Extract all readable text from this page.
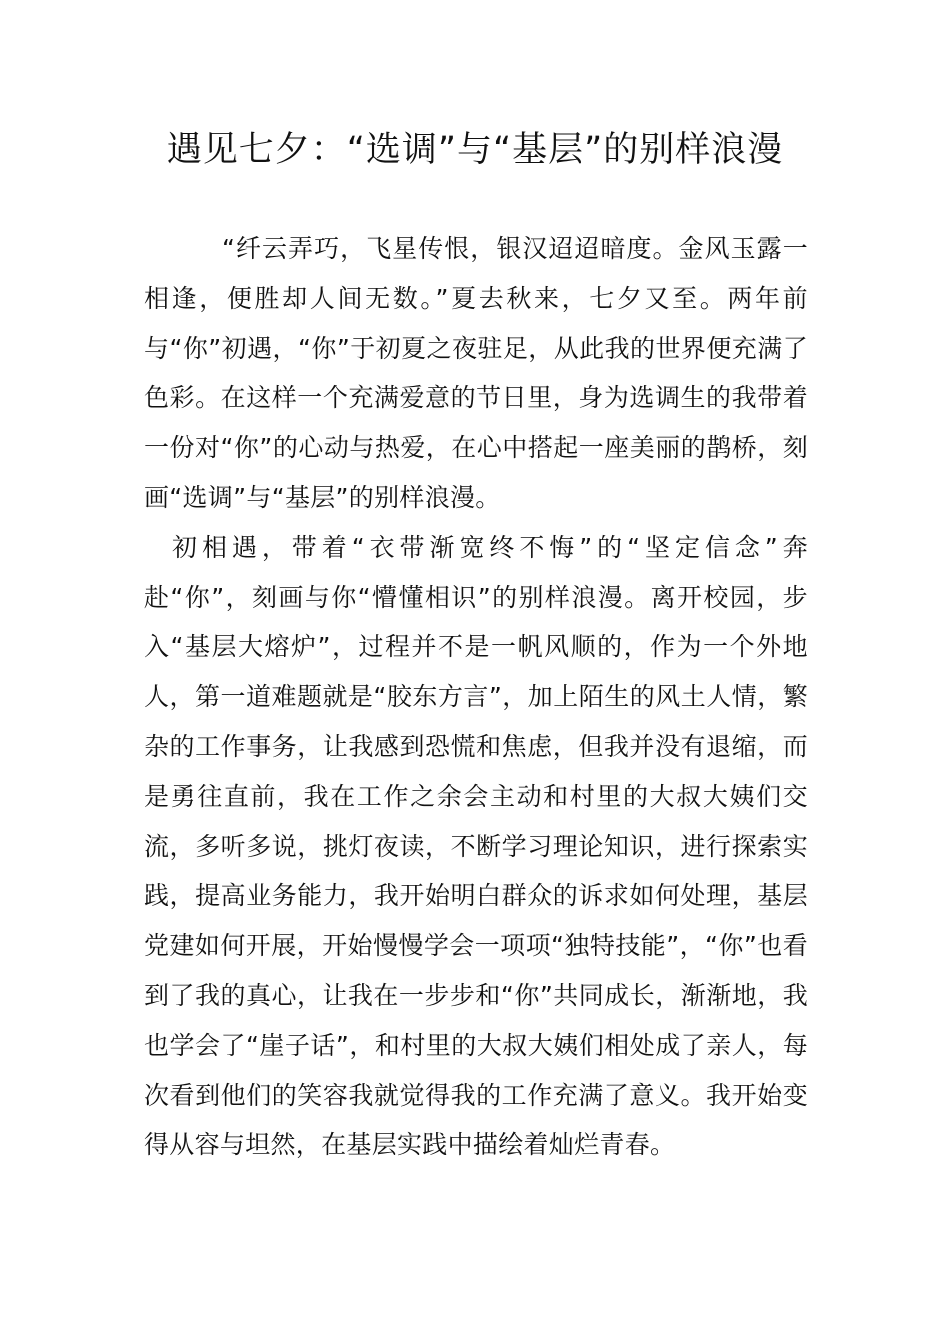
遇见七夕：“选调”与“基层”的别样浪漫

“纤云弄巧，飞星传恨，银汉迢迢暗度。金风玉露一相逢，便胜却人间无数。”夏去秋来，七夕又至。两年前与“你”初遇，“你”于初夏之夜驻足，从此我的世界便充满了色彩。在这样一个充满爱意的节日里，身为选调生的我带着一份对“你”的心动与热爱，在心中搭起一座美丽的鹊桥，刻画“选调”与“基层”的别样浪漫。

初相遇，带着“衣带渐宽终不悔”的“坚定信念”奔赴“你”，刻画与你“懵懂相识”的别样浪漫。离开校园，步入“基层大熔炉”，过程并不是一帆风顺的，作为一个外地人，第一道难题就是“胶东方言”，加上陌生的风土人情，繁杂的工作事务，让我感到恐慌和焦虑，但我并没有退缩，而是勇往直前，我在工作之余会主动和村里的大叔大姨们交流，多听多说，挑灯夜读，不断学习理论知识，进行探索实践，提高业务能力，我开始明白群众的诉求如何处理，基层党建如何开展，开始慢慢学会一项项“独特技能”，“你”也看到了我的真心，让我在一步步和“你”共同成长，渐渐地，我也学会了“崖子话”，和村里的大叔大姨们相处成了亲人，每次看到他们的笑容我就觉得我的工作充满了意义。我开始变得从容与坦然，在基层实践中描绘着灿烂青春。
